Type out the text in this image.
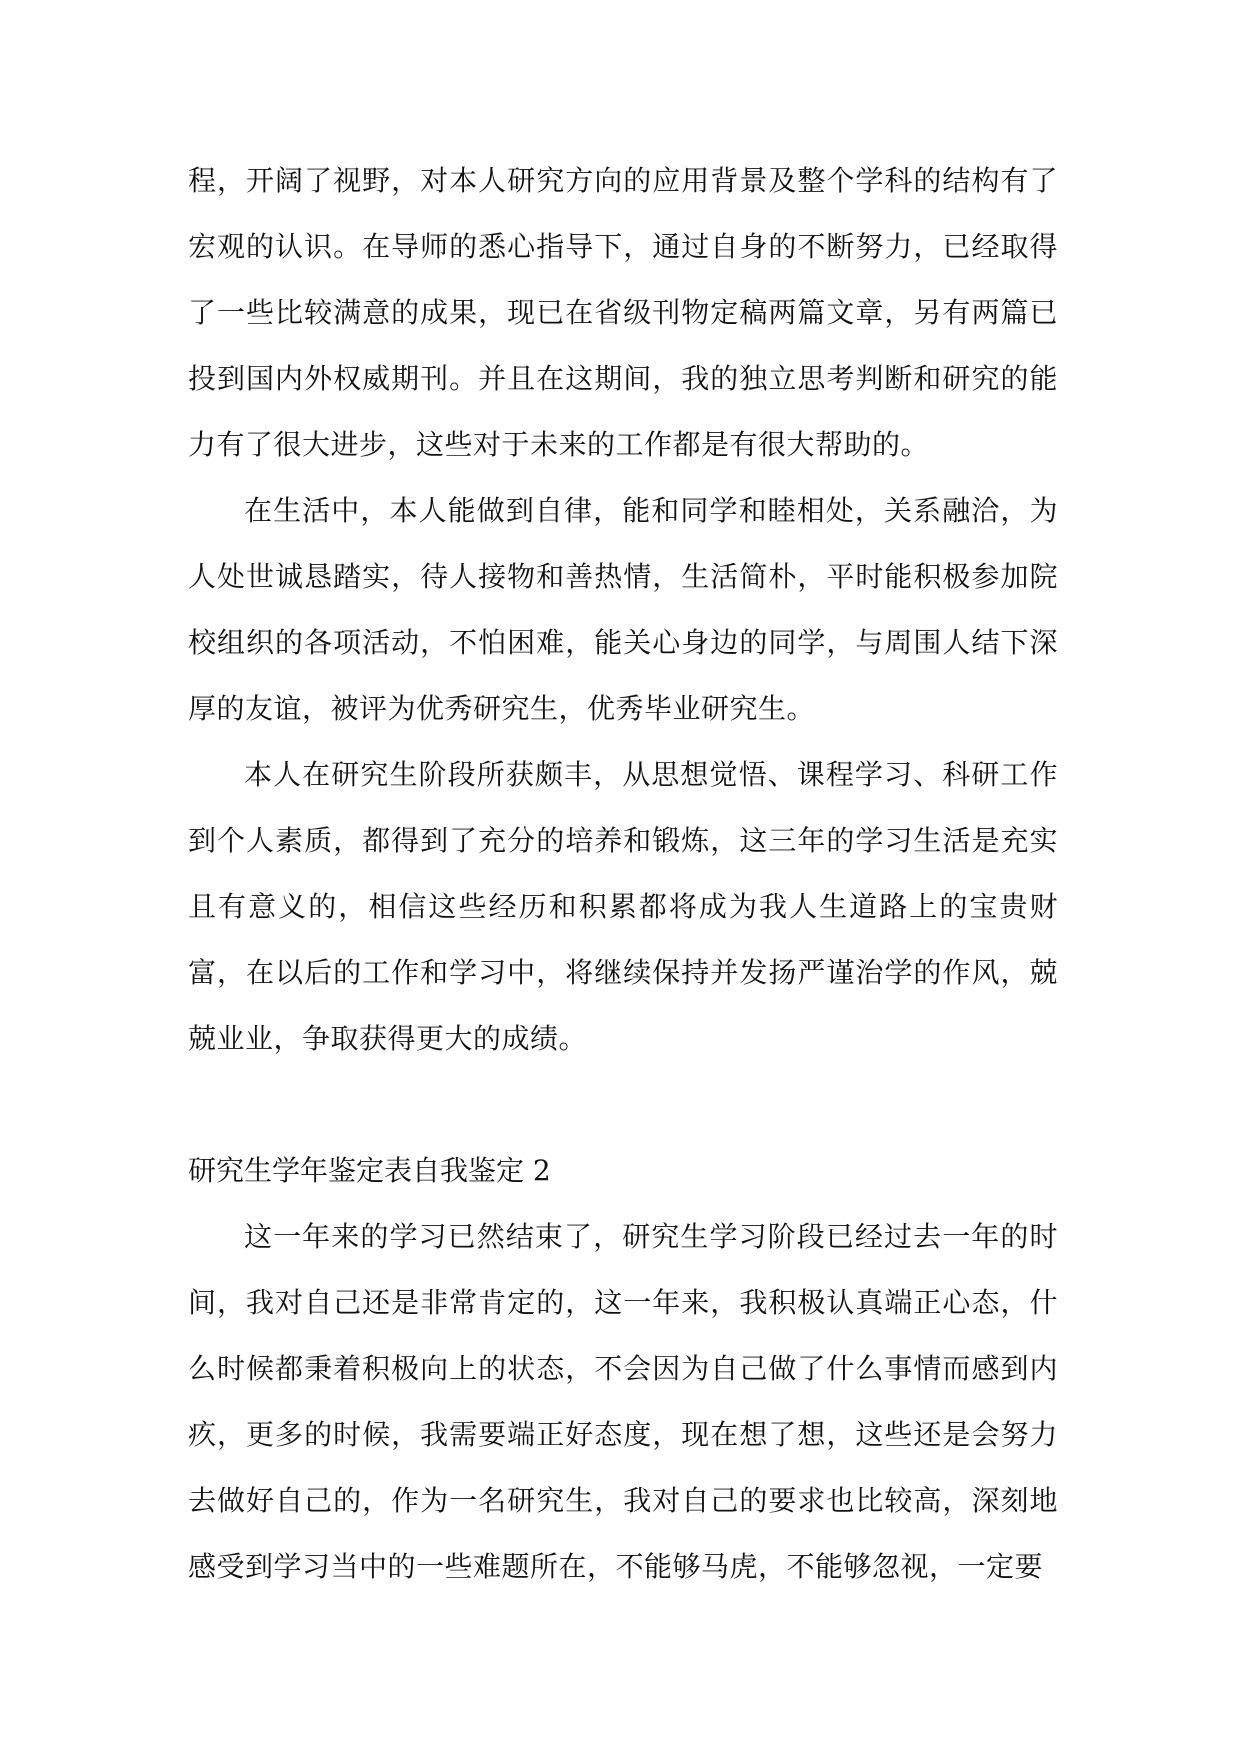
程，开阔了视野，对本人研究方向的应用背景及整个学科的结构有了宏观的认识。在导师的悉心指导下，通过自身的不断努力，已经取得了一些比较满意的成果，现已在省级刊物定稿两篇文章，另有两篇已投到国内外权威期刊。并且在这期间，我的独立思考判断和研究的能力有了很大进步，这些对于未来的工作都是有很大帮助的。

在生活中，本人能做到自律，能和同学和睦相处，关系融洽，为人处世诚恳踏实，待人接物和善热情，生活简朴，平时能积极参加院校组织的各项活动，不怕困难，能关心身边的同学，与周围人结下深厚的友谊，被评为优秀研究生，优秀毕业研究生。

本人在研究生阶段所获颇丰，从思想觉悟、课程学习、科研工作到个人素质，都得到了充分的培养和锻炼，这三年的学习生活是充实且有意义的，相信这些经历和积累都将成为我人生道路上的宝贵财富，在以后的工作和学习中，将继续保持并发扬严谨治学的作风，兢兢业业，争取获得更大的成绩。

研究生学年鉴定表自我鉴定 2

这一年来的学习已然结束了，研究生学习阶段已经过去一年的时间，我对自己还是非常肯定的，这一年来，我积极认真端正心态，什么时候都秉着积极向上的状态，不会因为自己做了什么事情而感到内疚，更多的时候，我需要端正好态度，现在想了想，这些还是会努力去做好自己的，作为一名研究生，我对自己的要求也比较高，深刻地感受到学习当中的一些难题所在，不能够马虎，不能够忽视，一定要
